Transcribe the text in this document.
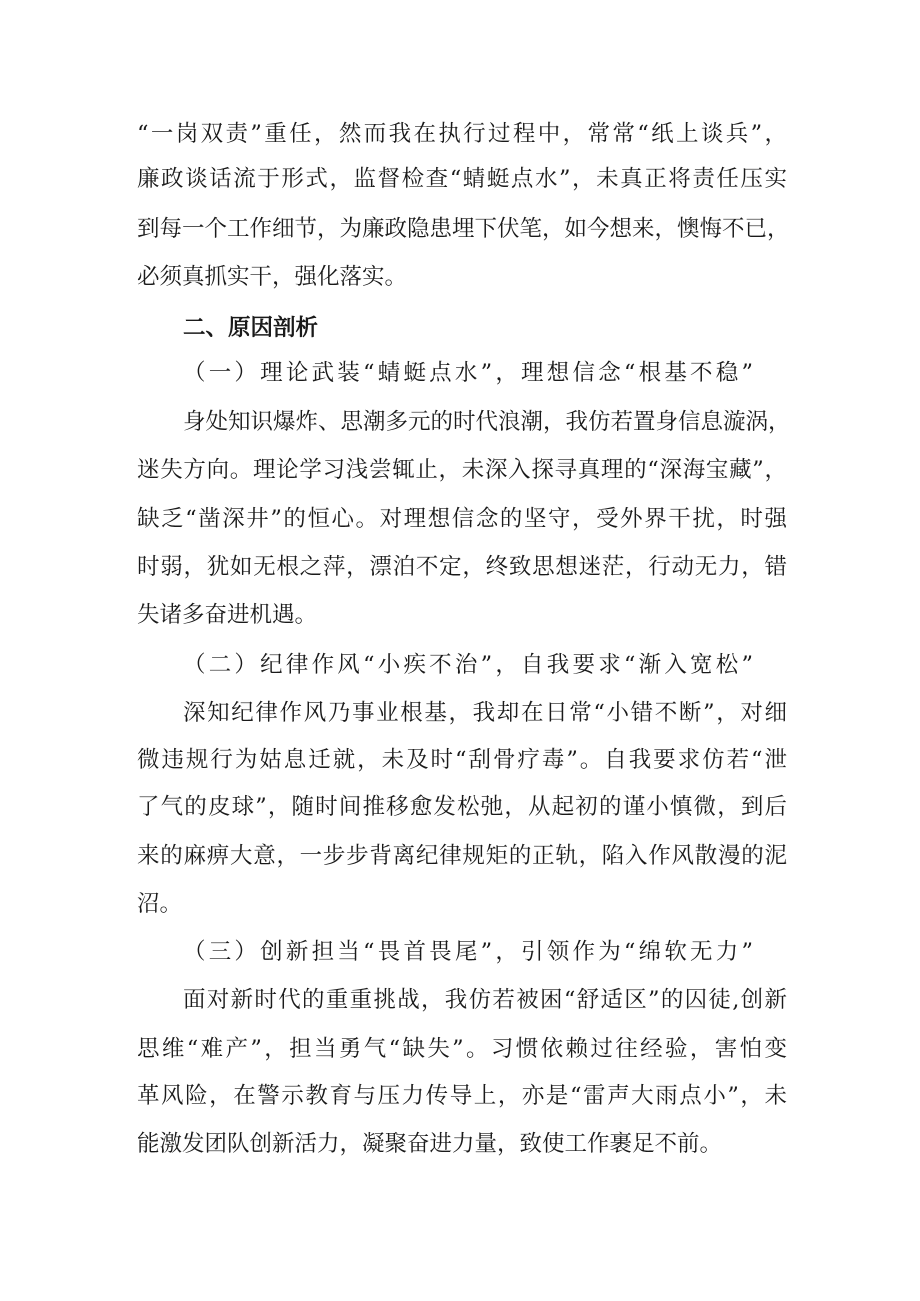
“一岗双责”重任，然而我在执行过程中，常常“纸上谈兵”，
廉政谈话流于形式，监督检查“蜻蜓点水”，未真正将责任压实
到每一个工作细节，为廉政隐患埋下伏笔，如今想来，懊悔不已，
必须真抓实干，强化落实。
二、原因剖析
（一）理论武装“蜻蜓点水”，理想信念“根基不稳”
身处知识爆炸、思潮多元的时代浪潮，我仿若置身信息漩涡，
迷失方向。理论学习浅尝辄止，未深入探寻真理的“深海宝藏”，
缺乏“凿深井”的恒心。对理想信念的坚守，受外界干扰，时强
时弱，犹如无根之萍，漂泊不定，终致思想迷茫，行动无力，错
失诸多奋进机遇。
（二）纪律作风“小疾不治”，自我要求“渐入宽松”
深知纪律作风乃事业根基，我却在日常“小错不断”，对细
微违规行为姑息迁就，未及时“刮骨疗毒”。自我要求仿若“泄
了气的皮球”，随时间推移愈发松弛，从起初的谨小慎微，到后
来的麻痹大意，一步步背离纪律规矩的正轨，陷入作风散漫的泥
沼。
（三）创新担当“畏首畏尾”，引领作为“绵软无力”
面对新时代的重重挑战，我仿若被困“舒适区”的囚徒,创新
思维“难产”，担当勇气“缺失”。习惯依赖过往经验，害怕变
革风险，在警示教育与压力传导上，亦是“雷声大雨点小”，未
能激发团队创新活力，凝聚奋进力量，致使工作裹足不前。
